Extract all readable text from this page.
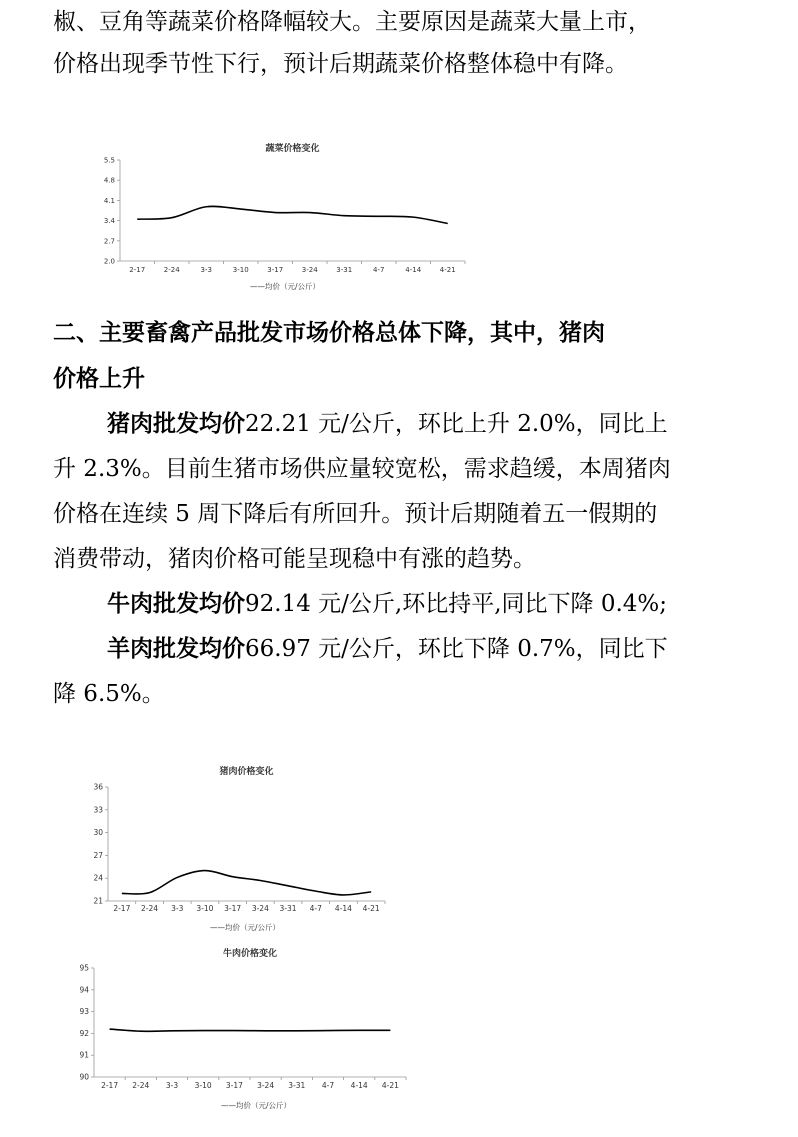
椒、豆角等蔬菜价格降幅较大。主要原因是蔬菜大量上市，

价格出现季节性下行，预计后期蔬菜价格整体稳中有降。

蔬菜价格变化
2.0
2.7
3.4
4.1
4.8
5.5
2-17	2-24	3-3	3-10	3-17	3-24	3-31	4-7	4-14	4-21
——均价（元/公斤）

二、主要畜禽产品批发市场价格总体下降，其中，猪肉

价格上升

猪肉批发均价22.21 元/公斤，环比上升 2.0%，同比上

升 2.3%。目前生猪市场供应量较宽松，需求趋缓，本周猪肉

价格在连续 5 周下降后有所回升。预计后期随着五一假期的

消费带动，猪肉价格可能呈现稳中有涨的趋势。

牛肉批发均价92.14 元/公斤,环比持平,同比下降 0.4%;

羊肉批发均价66.97 元/公斤，环比下降 0.7%，同比下

降 6.5%。

猪肉价格变化
21
24
27
30
33
36
2-17 2-24 3-3 3-10 3-17 3-24 3-31 4-7 4-14 4-21
——均价（元/公斤）
牛肉价格变化
90
91
92
93
94
95
2-17 2-24 3-3 3-10 3-17 3-24 3-31 4-7 4-14 4-21
——均价（元/公斤）
